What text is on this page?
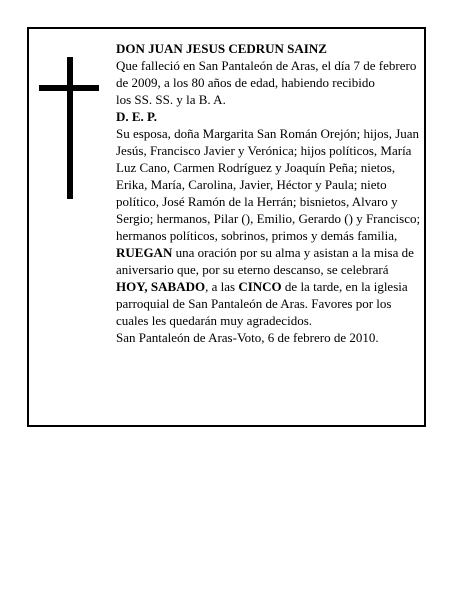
DON JUAN JESUS CEDRUN SAINZ

Que falleció en San Pantaleón de Aras, el día 7 de febrero

de 2009, a los 80 años de edad, habiendo recibido

los SS. SS. y la B. A.

D. E. P.

Su esposa, doña Margarita San Román Orejón; hijos, Juan Jesús, Francisco Javier y Verónica; hijos políticos, María Luz Cano, Carmen Rodríguez y Joaquín Peña; nietos, Erika, María, Carolina, Javier, Héctor y Paula; nieto político, José Ramón de la Herrán; bisnietos, Alvaro y Sergio; hermanos, Pilar (), Emilio, Gerardo () y Francisco; hermanos políticos, sobrinos, primos y demás familia,

RUEGAN una oración por su alma y asistan a la misa de aniversario que, por su eterno descanso, se celebrará HOY, SABADO, a las CINCO de la tarde, en la iglesia parroquial de San Pantaleón de Aras. Favores por los cuales les quedarán muy agradecidos.

San Pantaleón de Aras-Voto, 6 de febrero de 2010.
